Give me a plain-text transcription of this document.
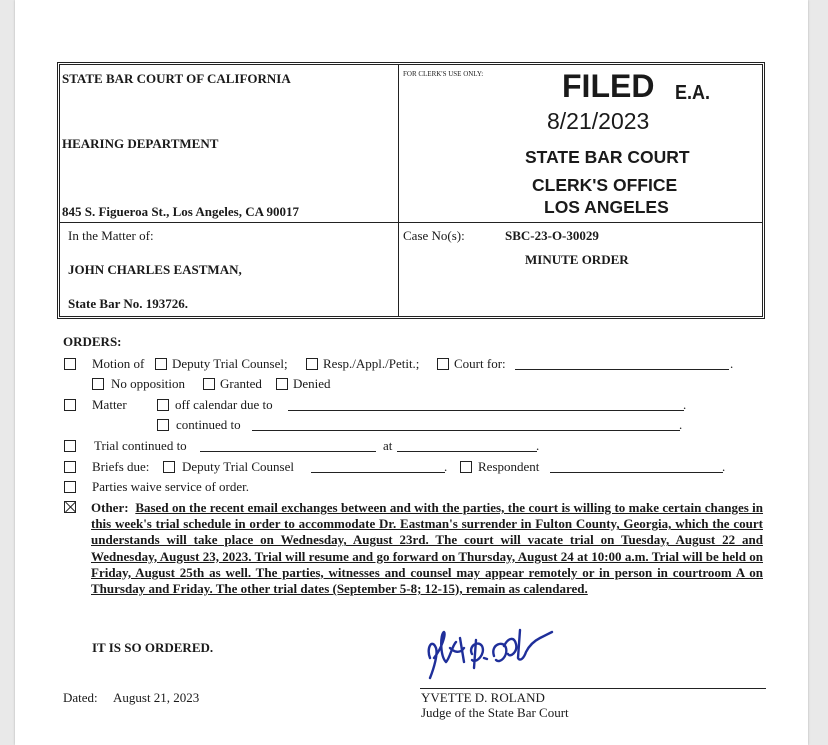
STATE BAR COURT OF CALIFORNIA
HEARING DEPARTMENT
845 S. Figueroa St., Los Angeles, CA 90017
FOR CLERK'S USE ONLY: FILED E.A.
8/21/2023
STATE BAR COURT
CLERK'S OFFICE
LOS ANGELES
In the Matter of:
JOHN CHARLES EASTMAN,
State Bar No. 193726.
Case No(s):	SBC-23-O-30029
MINUTE ORDER
ORDERS:
Motion of Deputy Trial Counsel;	Resp./Appl./Petit.;	Court for:	.
No opposition	Granted Denied
Matter	off calendar due to	.
continued to	.
Trial continued to	at	.
Briefs due:	Deputy Trial Counsel	. Respondent	.
Parties waive service of order.
Other: Based on the recent email exchanges between and with the parties, the court is willing to make certain changes in this week's trial schedule in order to accommodate Dr. Eastman's surrender in Fulton County, Georgia, which the court understands will take place on Wednesday, August 23rd. The court will vacate trial on Tuesday, August 22 and Wednesday, August 23, 2023. Trial will resume and go forward on Thursday, August 24 at 10:00 a.m. Trial will be held on Friday, August 25th as well. The parties, witnesses and counsel may appear remotely or in person in courtroom A on Thursday and Friday. The other trial dates (September 5-8; 12-15), remain as calendared.
IT IS SO ORDERED.
Dated: August 21, 2023	YVETTE D. ROLAND
Judge of the State Bar Court
